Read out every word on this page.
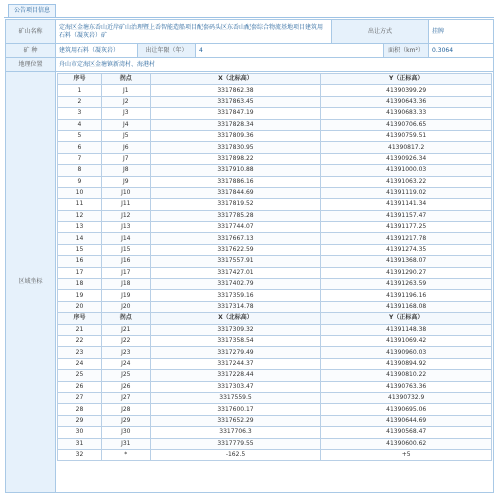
公告项目信息
矿山名称	定海区金塘东岙山近岸矿山治理暨上岙智能造船项目配套码头区东岙山配套综合物流基地项目建筑用石料（凝灰岩）矿	出让方式	挂牌
矿 种	建筑用石料（凝灰岩）	出让年限（年）	4	面积（km²）	0.3064
地理位置	舟山市定海区金塘镇新湾村、海港村
区域坐标	
序号	拐点	X（北标高）	Y（正标高）
1	J1	3317862.38	41390399.29
2	J2	3317863.45	41390643.36
3	J3	3317847.19	41390683.33
4	J4	3317828.34	41390706.65
5	J5	3317809.36	41390759.51
6	J6	3317830.95	41390817.2
7	J7	3317898.22	41390926.34
8	J8	3317910.88	41391000.03
9	J9	3317886.16	41391063.22
10	J10	3317844.69	41391119.02
11	J11	3317819.52	41391141.34
12	J12	3317785.28	41391157.47
13	J13	3317744.07	41391177.25
14	J14	3317667.13	41391217.78
15	J15	3317622.59	41391274.35
16	J16	3317557.91	41391368.07
17	J17	3317427.01	41391290.27
18	J18	3317402.79	41391263.59
19	J19	3317359.16	41391196.16
20	J20	3317314.78	41391168.08
序号	拐点	X（北标高）	Y（正标高）
21	J21	3317309.32	41391148.38
22	J22	3317358.54	41391069.42
23	J23	3317279.49	41390960.03
24	J24	3317244.37	41390894.92
25	J25	3317228.44	41390810.22
26	J26	3317303.47	41390763.36
27	J27	3317559.5	41390732.9
28	J28	3317600.17	41390695.06
29	J29	3317652.29	41390644.69
30	J30	3317706.3	41390568.47
31	J31	3317779.55	41390600.62
32	*	-162.5	+5
